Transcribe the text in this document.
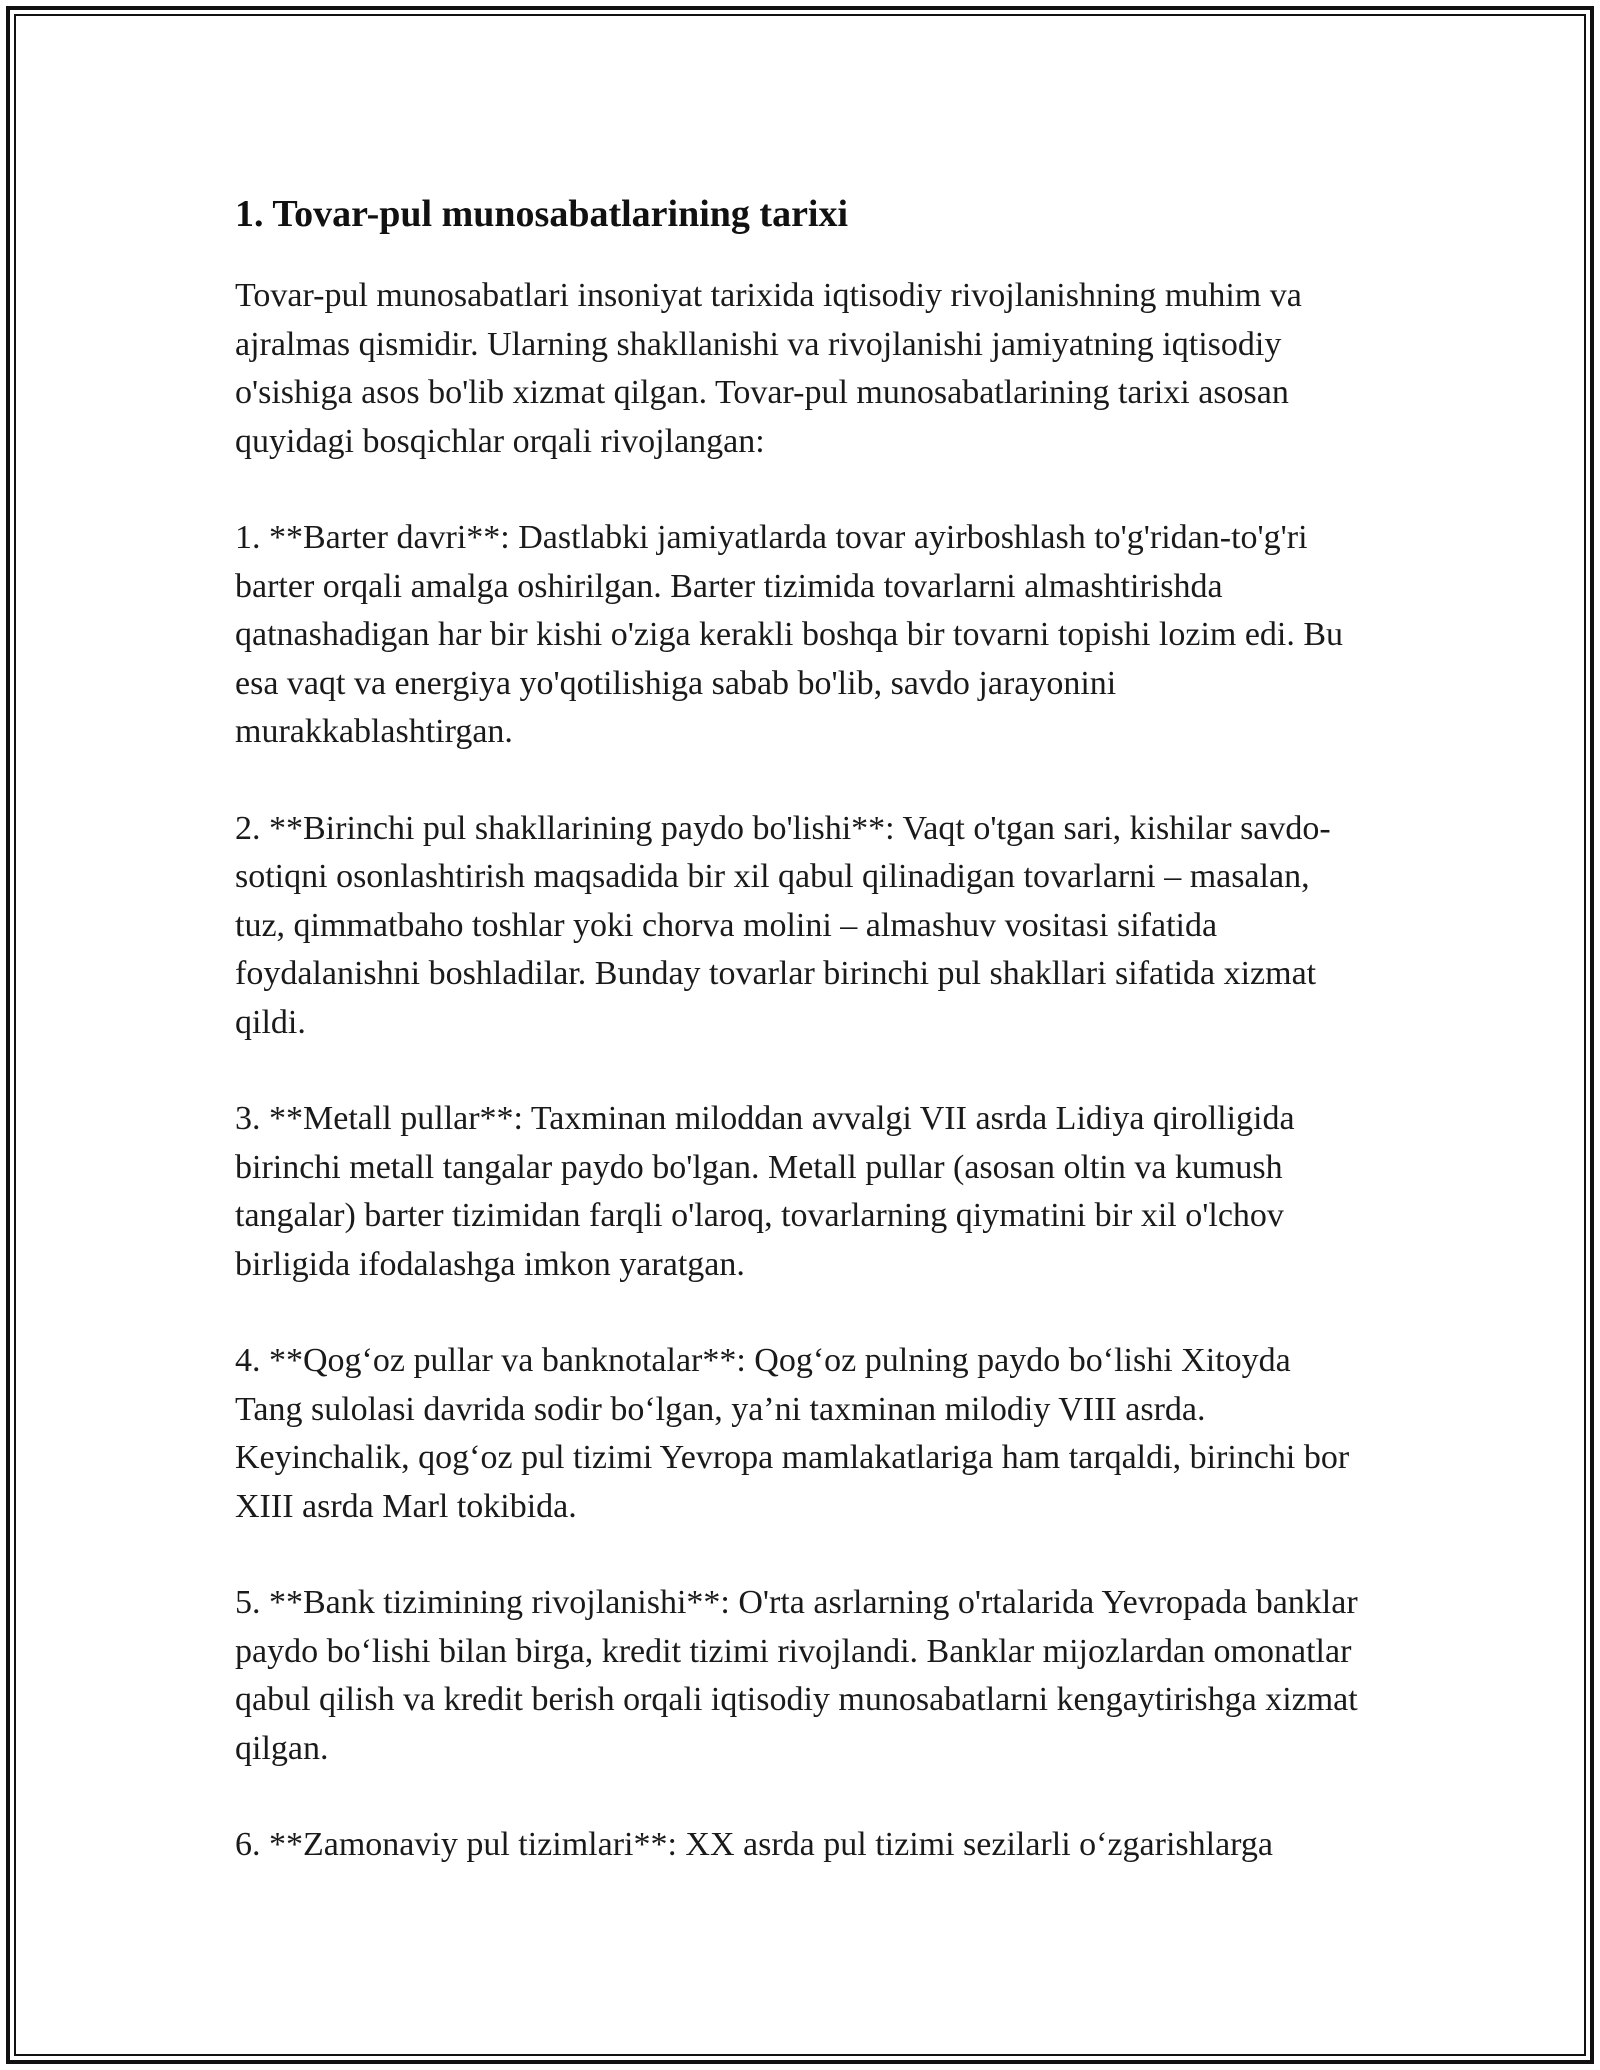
1. Tovar-pul munosabatlarining tarixi

Tovar-pul munosabatlari insoniyat tarixida iqtisodiy rivojlanishning muhim va ajralmas qismidir. Ularning shakllanishi va rivojlanishi jamiyatning iqtisodiy o'sishiga asos bo'lib xizmat qilgan. Tovar-pul munosabatlarining tarixi asosan quyidagi bosqichlar orqali rivojlangan:

1. **Barter davri**: Dastlabki jamiyatlarda tovar ayirboshlash to'g'ridan-to'g'ri barter orqali amalga oshirilgan. Barter tizimida tovarlarni almashtirishda qatnashadigan har bir kishi o'ziga kerakli boshqa bir tovarni topishi lozim edi. Bu esa vaqt va energiya yo'qotilishiga sabab bo'lib, savdo jarayonini murakkablashtirgan.

2. **Birinchi pul shakllarining paydo bo'lishi**: Vaqt o'tgan sari, kishilar savdo-sotiqni osonlashtirish maqsadida bir xil qabul qilinadigan tovarlarni – masalan, tuz, qimmatbaho toshlar yoki chorva molini – almashuv vositasi sifatida foydalanishni boshladilar. Bunday tovarlar birinchi pul shakllari sifatida xizmat qildi.

3. **Metall pullar**: Taxminan miloddan avvalgi VII asrda Lidiya qirolligida birinchi metall tangalar paydo bo'lgan. Metall pullar (asosan oltin va kumush tangalar) barter tizimidan farqli o'laroq, tovarlarning qiymatini bir xil o'lchov birligida ifodalashga imkon yaratgan.

4. **Qog‘oz pullar va banknotalar**: Qog‘oz pulning paydo bo‘lishi Xitoyda Tang sulolasi davrida sodir bo‘lgan, ya’ni taxminan milodiy VIII asrda. Keyinchalik, qog‘oz pul tizimi Yevropa mamlakatlariga ham tarqaldi, birinchi bor XIII asrda Marl tokibida.

5. **Bank tizimining rivojlanishi**: O'rta asrlarning o'rtalarida Yevropada banklar paydo bo‘lishi bilan birga, kredit tizimi rivojlandi. Banklar mijozlardan omonatlar qabul qilish va kredit berish orqali iqtisodiy munosabatlarni kengaytirishga xizmat qilgan.

6. **Zamonaviy pul tizimlari**: XX asrda pul tizimi sezilarli o‘zgarishlarga
